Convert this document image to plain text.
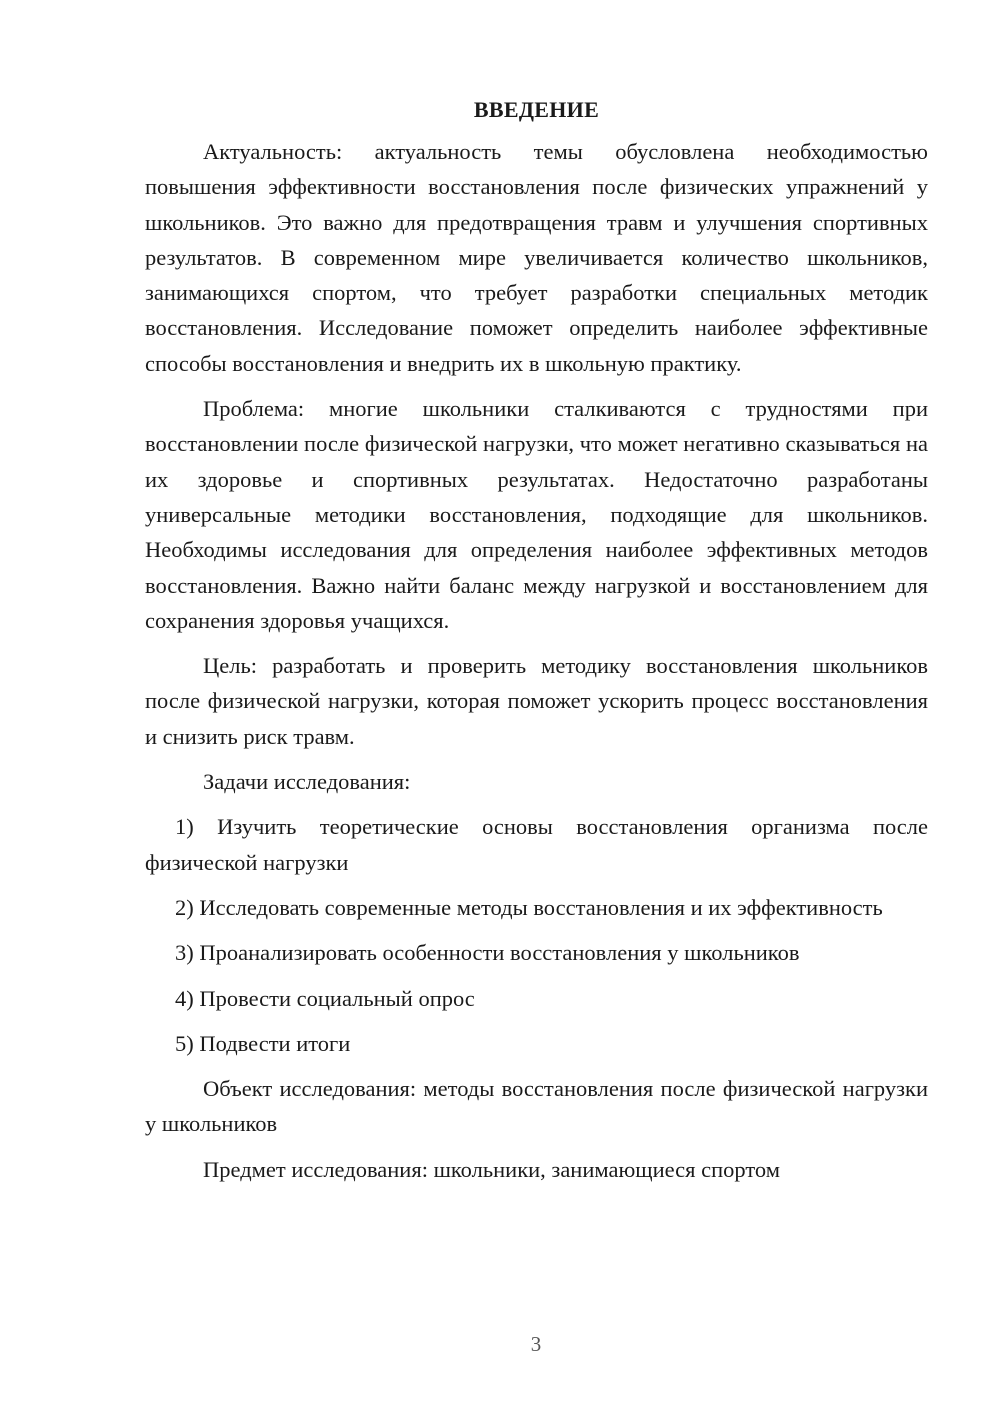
ВВЕДЕНИЕ

Актуальность: актуальность темы обусловлена необходимостью повышения эффективности восстановления после физических упражнений у школьников. Это важно для предотвращения травм и улучшения спортивных результатов. В современном мире увеличивается количество школьников, занимающихся спортом, что требует разработки специальных методик восстановления. Исследование поможет определить наиболее эффективные способы восстановления и внедрить их в школьную практику.

Проблема: многие школьники сталкиваются с трудностями при восстановлении после физической нагрузки, что может негативно сказываться на их здоровье и спортивных результатах. Недостаточно разработаны универсальные методики восстановления, подходящие для школьников. Необходимы исследования для определения наиболее эффективных методов восстановления. Важно найти баланс между нагрузкой и восстановлением для сохранения здоровья учащихся.

Цель: разработать и проверить методику восстановления школьников после физической нагрузки, которая поможет ускорить процесс восстановления и снизить риск травм.

Задачи исследования:

1) Изучить теоретические основы восстановления организма после физической нагрузки

2) Исследовать современные методы восстановления и их эффективность

3) Проанализировать особенности восстановления у школьников

4) Провести социальный опрос

5) Подвести итоги

Объект исследования: методы восстановления после физической нагрузки у школьников

Предмет исследования: школьники, занимающиеся спортом

3
